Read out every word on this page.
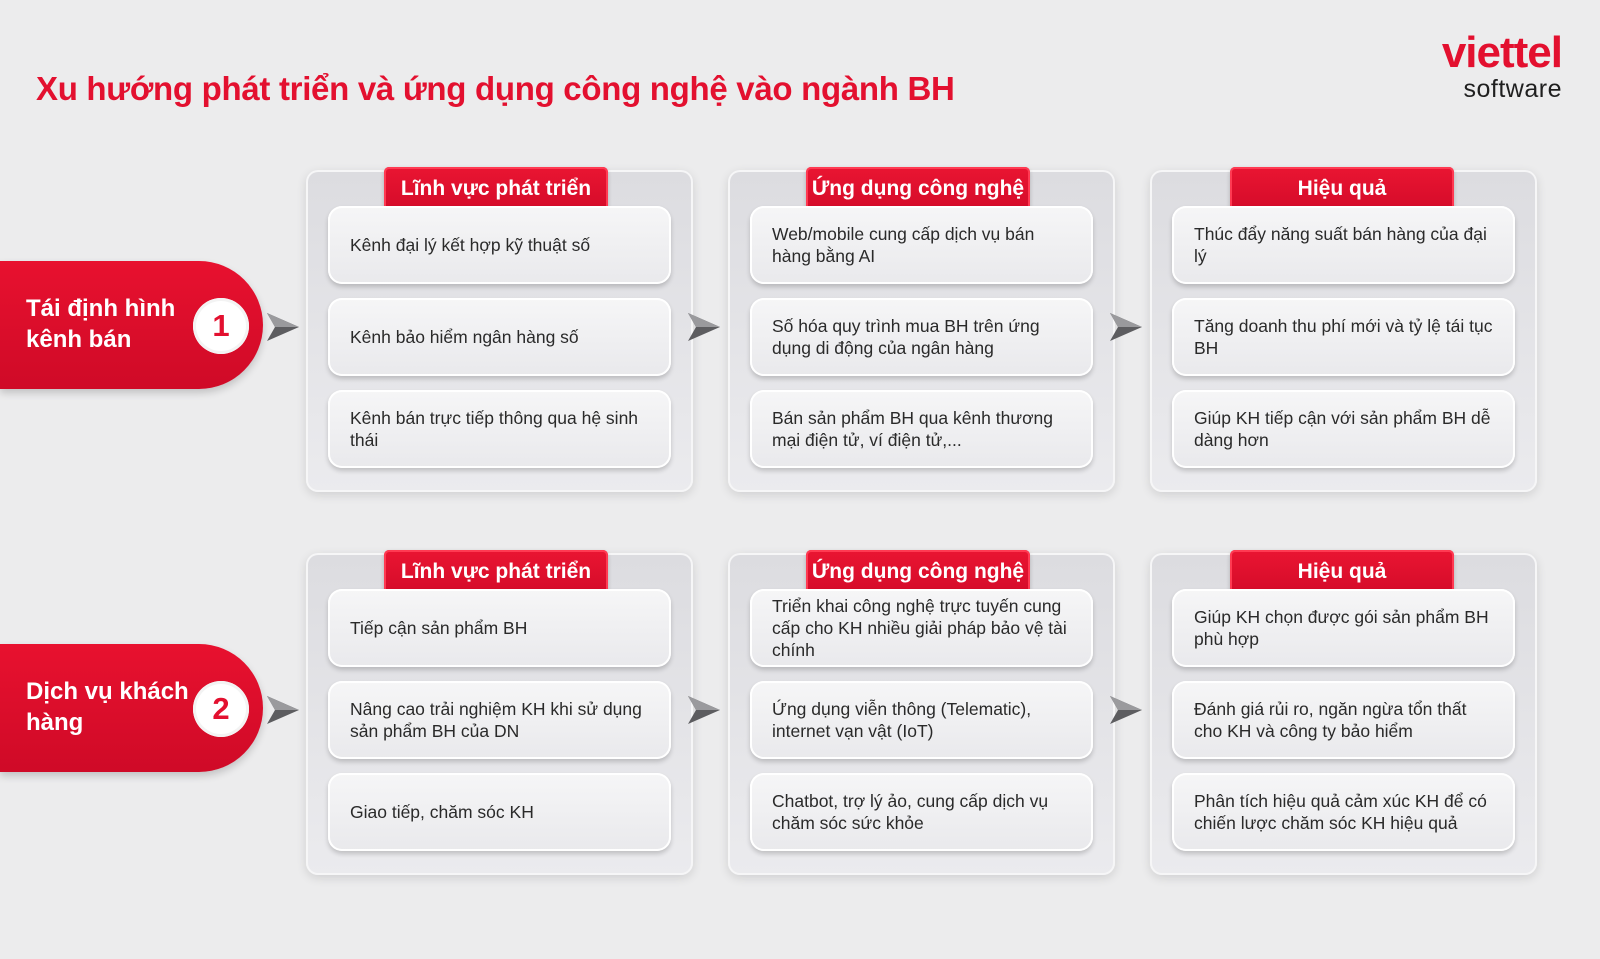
Xu hướng phát triển và ứng dụng công nghệ vào ngành BH
viettel
software
Tái định hình kênh bán	1
Lĩnh vực phát triển
Kênh đại lý kết hợp kỹ thuật số
Kênh bảo hiểm ngân hàng số
Kênh bán trực tiếp thông qua hệ sinh thái
Ứng dụng công nghệ
Web/mobile cung cấp dịch vụ bán hàng bằng AI
Số hóa quy trình mua BH trên ứng dụng di động của ngân hàng
Bán sản phẩm BH qua kênh thương mại điện tử, ví điện tử,...
Hiệu quả
Thúc đẩy năng suất bán hàng của đại lý
Tăng doanh thu phí mới và tỷ lệ tái tục BH
Giúp KH tiếp cận với sản phẩm BH dễ dàng hơn
Dịch vụ khách hàng	2
Lĩnh vực phát triển
Tiếp cận sản phẩm BH
Nâng cao trải nghiệm KH khi sử dụng sản phẩm BH của DN
Giao tiếp, chăm sóc KH
Ứng dụng công nghệ
Triển khai công nghệ trực tuyến cung cấp cho KH nhiều giải pháp bảo vệ tài chính
Ứng dụng viễn thông (Telematic), internet vạn vật (IoT)
Chatbot, trợ lý ảo, cung cấp dịch vụ chăm sóc sức khỏe
Hiệu quả
Giúp KH chọn được gói sản phẩm BH phù hợp
Đánh giá rủi ro, ngăn ngừa tổn thất cho KH và công ty bảo hiểm
Phân tích hiệu quả cảm xúc KH để có chiến lược chăm sóc KH hiệu quả
